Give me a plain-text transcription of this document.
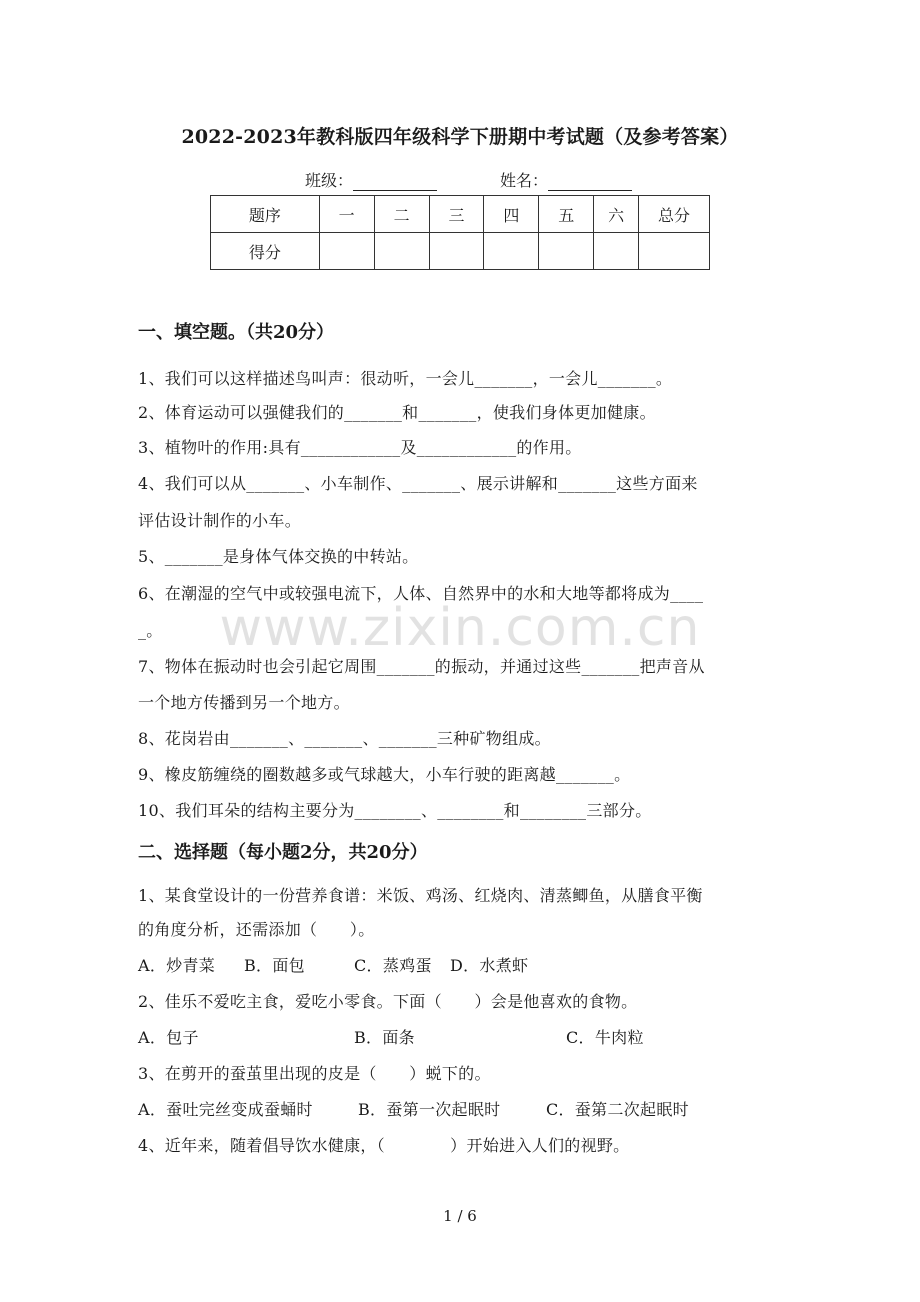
2022-2023年教科版四年级科学下册期中考试题（及参考答案）
班级：	姓名：
题序	一	二	三	四	五	六	总分
得分							
www.zixin.com.cn
一、填空题。（共20分）
1、我们可以这样描述鸟叫声：很动听，一会儿_______，一会儿_______。
2、体育运动可以强健我们的_______和_______，使我们身体更加健康。
3、植物叶的作用:具有____________及____________的作用。
4、我们可以从_______、小车制作、_______、展示讲解和_______这些方面来
评估设计制作的小车。
5、_______是身体气体交换的中转站。
6、在潮湿的空气中或较强电流下，人体、自然界中的水和大地等都将成为____
_。
7、物体在振动时也会引起它周围_______的振动，并通过这些_______把声音从
一个地方传播到另一个地方。
8、花岗岩由_______、_______、_______三种矿物组成。
9、橡皮筋缠绕的圈数越多或气球越大，小车行驶的距离越_______。
10、我们耳朵的结构主要分为________、________和________三部分。
二、选择题（每小题2分，共20分）
1、某食堂设计的一份营养食谱：米饭、鸡汤、红烧肉、清蒸鲫鱼，从膳食平衡
的角度分析，还需添加（　　）。
A．炒青菜 B．面包	C．蒸鸡蛋 D．水煮虾
2、佳乐不爱吃主食，爱吃小零食。下面（　　）会是他喜欢的食物。
A．包子	B．面条	C．牛肉粒
3、在剪开的蚕茧里出现的皮是（　　）蜕下的。
A．蚕吐完丝变成蚕蛹时	B．蚕第一次起眠时	C．蚕第二次起眠时
4、近年来，随着倡导饮水健康，（　　　　）开始进入人们的视野。
1 / 6
